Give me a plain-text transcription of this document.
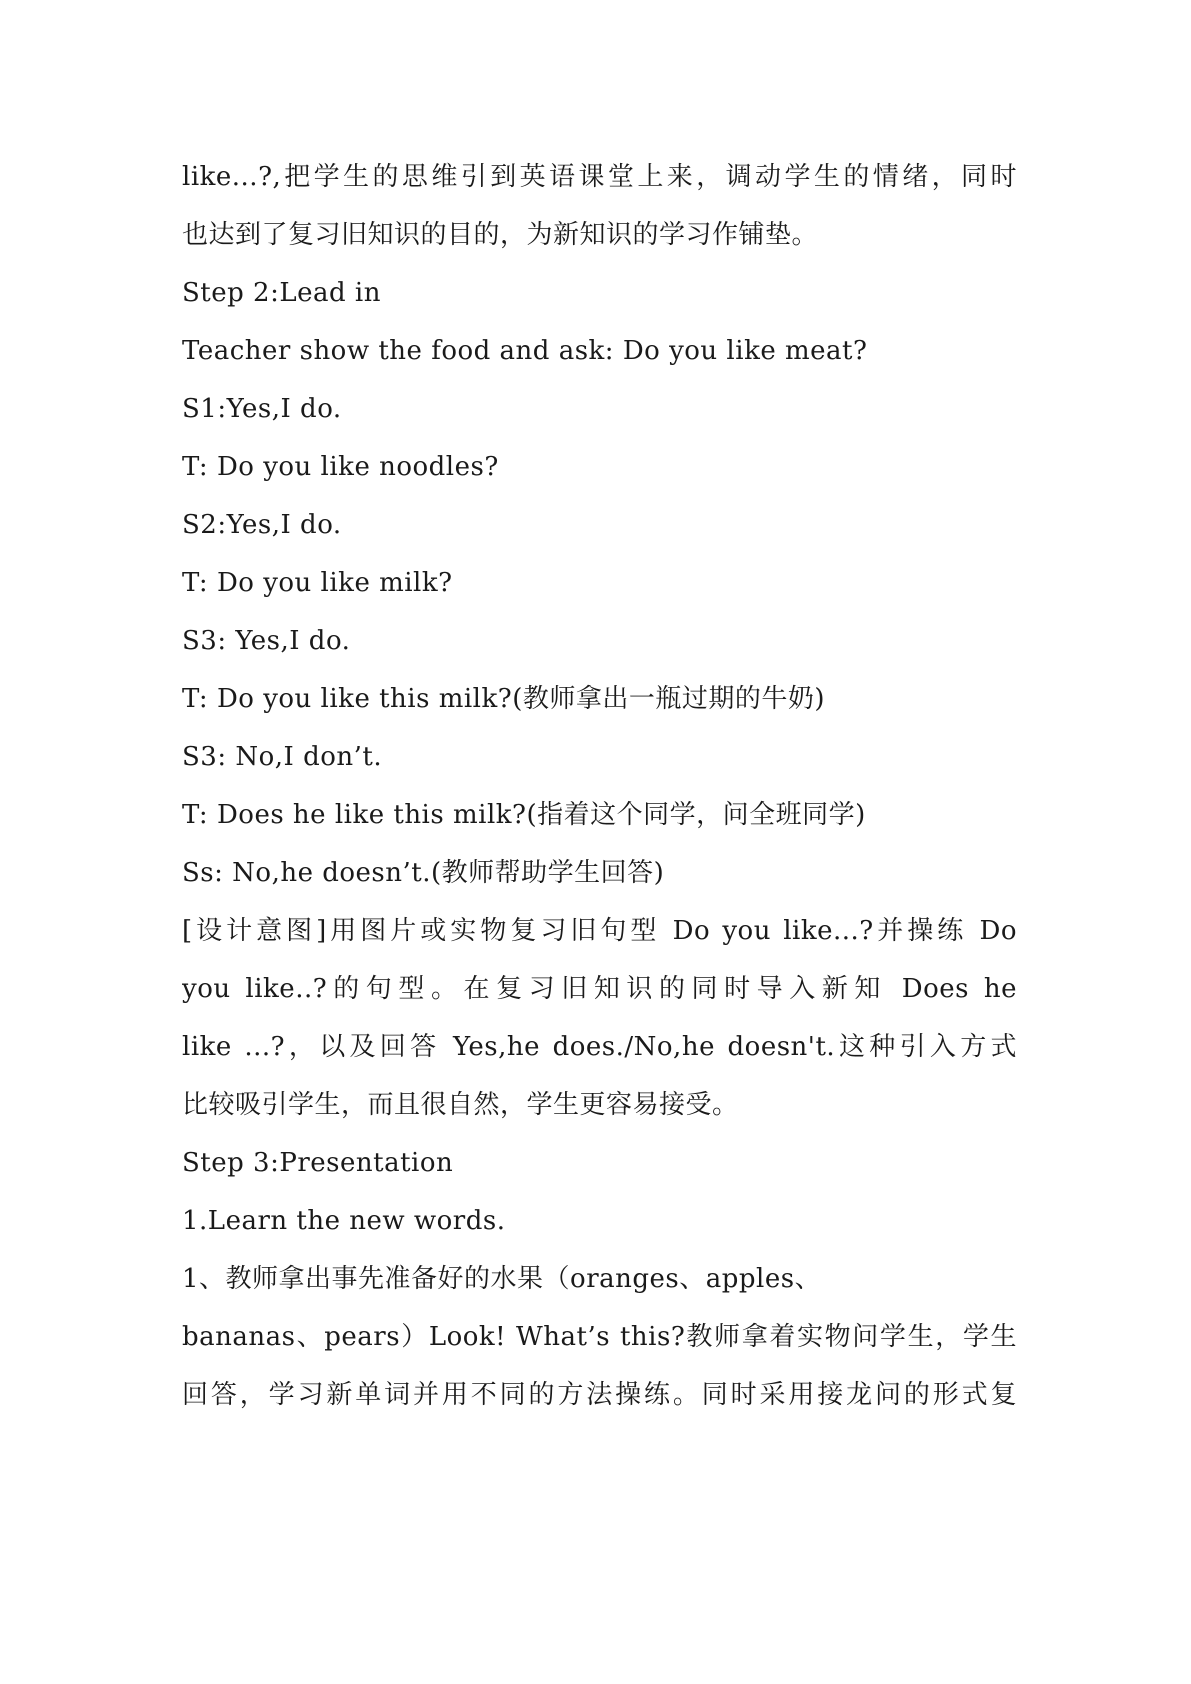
like...?,把学生的思维引到英语课堂上来，调动学生的情绪，同时
也达到了复习旧知识的目的，为新知识的学习作铺垫。
Step 2:Lead in
Teacher show the food and ask: Do you like meat?
S1:Yes,I do.
T: Do you like noodles?
S2:Yes,I do.
T: Do you like milk?
S3: Yes,I do.
T: Do you like this milk?(教师拿出一瓶过期的牛奶)
S3: No,I don’t.
T: Does he like this milk?(指着这个同学，问全班同学)
Ss: No,he doesn’t.(教师帮助学生回答)
[设计意图]用图片或实物复习旧句型 Do you like...?并操练 Do
you like..?的句型。在复习旧知识的同时导入新知 Does he
like ...?，以及回答 Yes,he does./No,he doesn't.这种引入方式
比较吸引学生，而且很自然，学生更容易接受。
Step 3:Presentation
1.Learn the new words.
1、教师拿出事先准备好的水果（oranges、apples、
bananas、pears）Look! What’s this?教师拿着实物问学生，学生
回答，学习新单词并用不同的方法操练。同时采用接龙问的形式复
